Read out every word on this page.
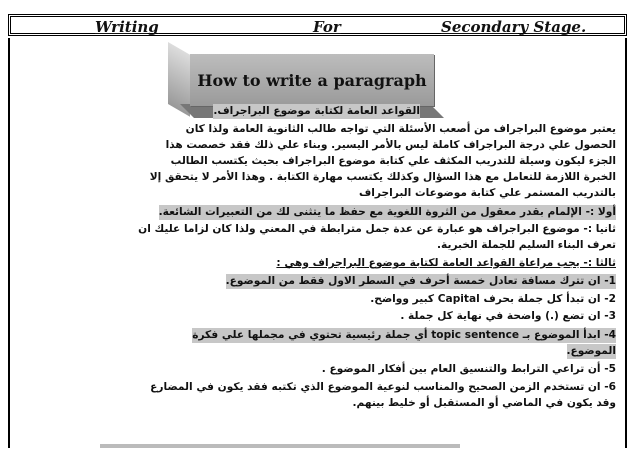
Writing	For	Secondary Stage.
How to write a paragraph
القواعد العامة لكتابة موضوع البراجراف.
يعتبر موضوع البراجراف من أصعب الأسئلة التي تواجه طالب الثانوية العامة ولذا كان
الحصول علي درجة البراجراف كاملة ليس بالأمر اليسير. وبناء علي ذلك فقد خصصت هذا
الجزء ليكون وسيلة للتدريب المكثف علي كتابة موضوع البراجراف بحيث يكتسب الطالب
الخبرة اللازمة للتعامل مع هذا السؤال وكذلك يكتسب مهارة الكتابة . وهذا الأمر لا يتحقق إلا
بالتدريب المستمر علي كتابة موضوعات البراجراف
أولا :- الإلمام بقدر معقول من الثروة اللغوية مع حفظ ما يتثنى لك من التعبيرات الشائعة.
ثانيا :- موضوع البراجراف هو عبارة عن عدة جمل مترابطة في المعني ولذا كان لزاما عليك ان
تعرف البناء السليم للجملة الخبرية.
ثالثا :- يجب مراعاة القواعد العامة لكتابة موضوع البراجراف وهي :
1- ان تترك مسافة تعادل خمسة أحرف في السطر الاول فقط من الموضوع.
2- ان تبدأ كل جملة بحرف Capital كبير وواضح.
3- ان تضع (.) واضحة في نهاية كل جملة .
4- ابدأ الموضوع بـ topic sentence أي جملة رئيسية تحتوي في مجملها علي فكرة
الموضوع.
5- أن تراعي الترابط والتنسيق العام بين أفكار الموضوع .
6- ان تستخدم الزمن الصحيح والمناسب لنوعية الموضوع الذي تكتبه فقد يكون في المضارع
وقد يكون في الماضي أو المستقبل أو خليط بينهم.
